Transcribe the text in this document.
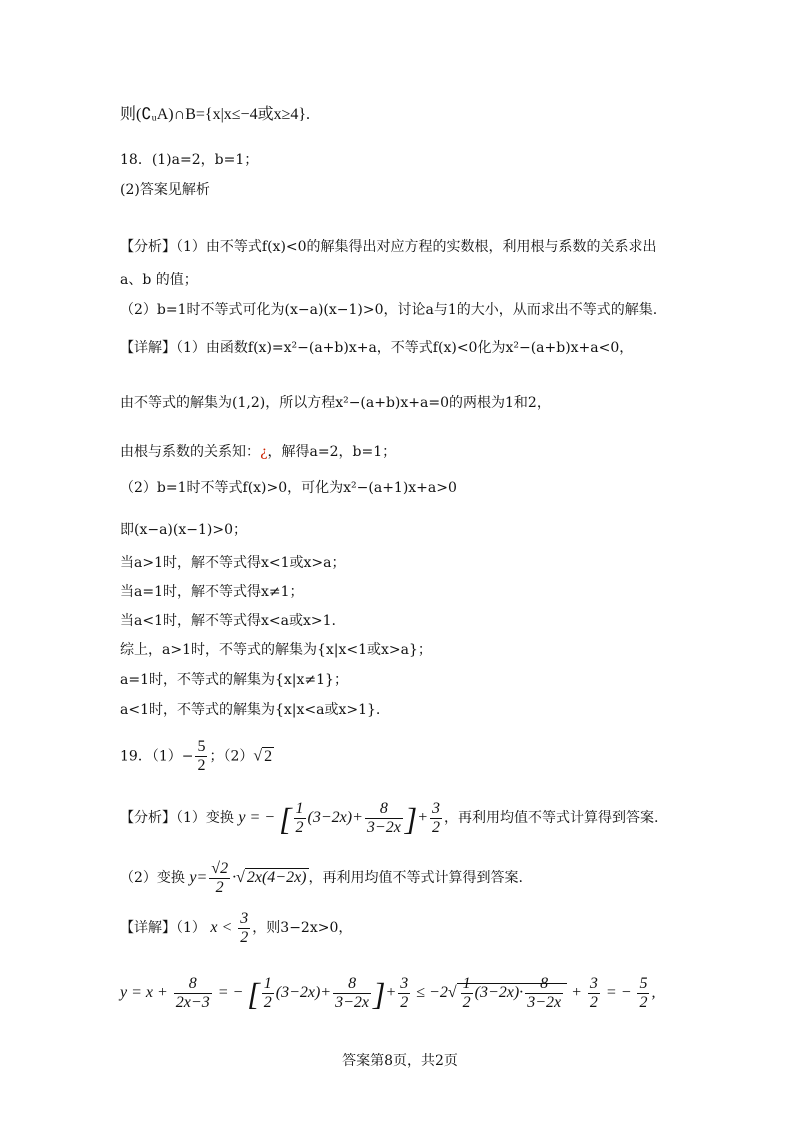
则(∁ᵤA)∩B={x|x≤−4或x≥4}.
18．(1)a=2，b=1；
(2)答案见解析
【分析】（1）由不等式f(x)<0的解集得出对应方程的实数根，利用根与系数的关系求出
a、b 的值；
（2）b=1时不等式可化为(x−a)(x−1)>0，讨论a与1的大小，从而求出不等式的解集.
【详解】（1）由函数f(x)=x²−(a+b)x+a，不等式f(x)<0化为x²−(a+b)x+a<0，
由不等式的解集为(1,2)，所以方程x²−(a+b)x+a=0的两根为1和2，
由根与系数的关系知：¿，解得a=2，b=1；
（2）b=1时不等式f(x)>0，可化为x²−(a+1)x+a>0
即(x−a)(x−1)>0；
当a>1时，解不等式得x<1或x>a；
当a=1时，解不等式得x≠1；
当a<1时，解不等式得x<a或x>1.
综上，a>1时，不等式的解集为{x|x<1或x>a}；
a=1时，不等式的解集为{x|x≠1}；
a<1时，不等式的解集为{x|x<a或x>1}.
19．$(1)- \frac{5}{2}$ ；（2）√ 2
【分析】（1）变换 y = − [ $\frac{1}{2} (3-2x)+ \frac{8}{3-2x}$ ]+ $\frac{3}{2}$ ，再利用均值不等式计算得到答案.
（2）变换 $y= \frac{√2}{2}$ ·√ 2x(4−2x) ，再利用均值不等式计算得到答案.
【详解】（1） $x < \frac{3}{2}$ ，则3−2x>0，
$y = x + \frac{8}{2x-3}$ = − [ $\frac{1}{2} (3-2x)+ \frac{8}{3-2x}$ ]+ $\frac{3}{2} \le -2√ \frac{1}{2} (3-2x)\cdot \frac{8}{3-2x} + \frac{3}{2}$ = − $\frac{5}{2}$ ,
答案第8页，共2页
